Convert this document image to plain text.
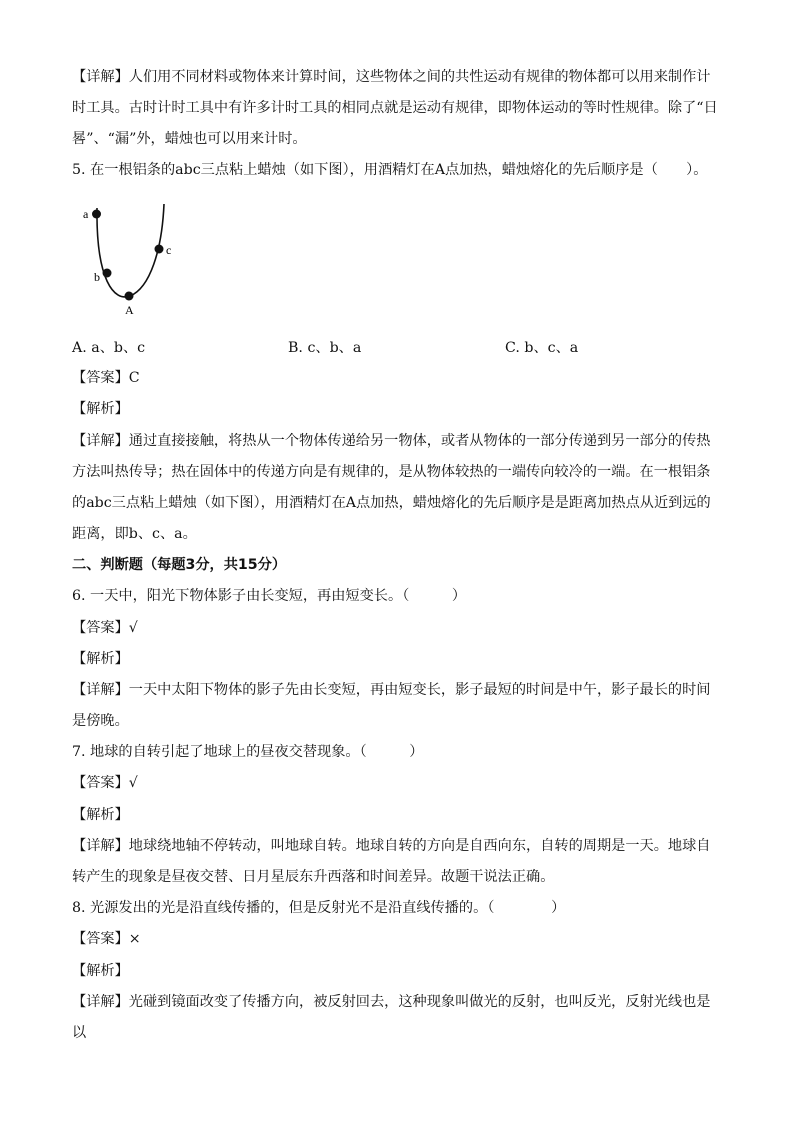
【详解】人们用不同材料或物体来计算时间，这些物体之间的共性运动有规律的物体都可以用来制作计时工具。古时计时工具中有许多计时工具的相同点就是运动有规律，即物体运动的等时性规律。除了“日晷”、“漏”外，蜡烛也可以用来计时。

5. 在一根铝条的abc三点粘上蜡烛（如下图），用酒精灯在A点加热，蜡烛熔化的先后顺序是（　　）。

a
b
c
A
A. a、b、c	B. c、b、a	C. b、c、a

【答案】C

【解析】

【详解】通过直接接触，将热从一个物体传递给另一物体，或者从物体的一部分传递到另一部分的传热方法叫热传导；热在固体中的传递方向是有规律的，是从物体较热的一端传向较冷的一端。在一根铝条的abc三点粘上蜡烛（如下图），用酒精灯在A点加热，蜡烛熔化的先后顺序是是距离加热点从近到远的距离，即b、c、a。

二、判断题（每题3分，共15分）

6. 一天中，阳光下物体影子由长变短，再由短变长。（　　　）

【答案】√

【解析】

【详解】一天中太阳下物体的影子先由长变短，再由短变长，影子最短的时间是中午，影子最长的时间是傍晚。

7. 地球的自转引起了地球上的昼夜交替现象。（　　　）

【答案】√

【解析】

【详解】地球绕地轴不停转动，叫地球自转。地球自转的方向是自西向东，自转的周期是一天。地球自转产生的现象是昼夜交替、日月星辰东升西落和时间差异。故题干说法正确。

8. 光源发出的光是沿直线传播的，但是反射光不是沿直线传播的。（　　　　）

【答案】×

【解析】

【详解】光碰到镜面改变了传播方向，被反射回去，这种现象叫做光的反射，也叫反光，反射光线也是以
